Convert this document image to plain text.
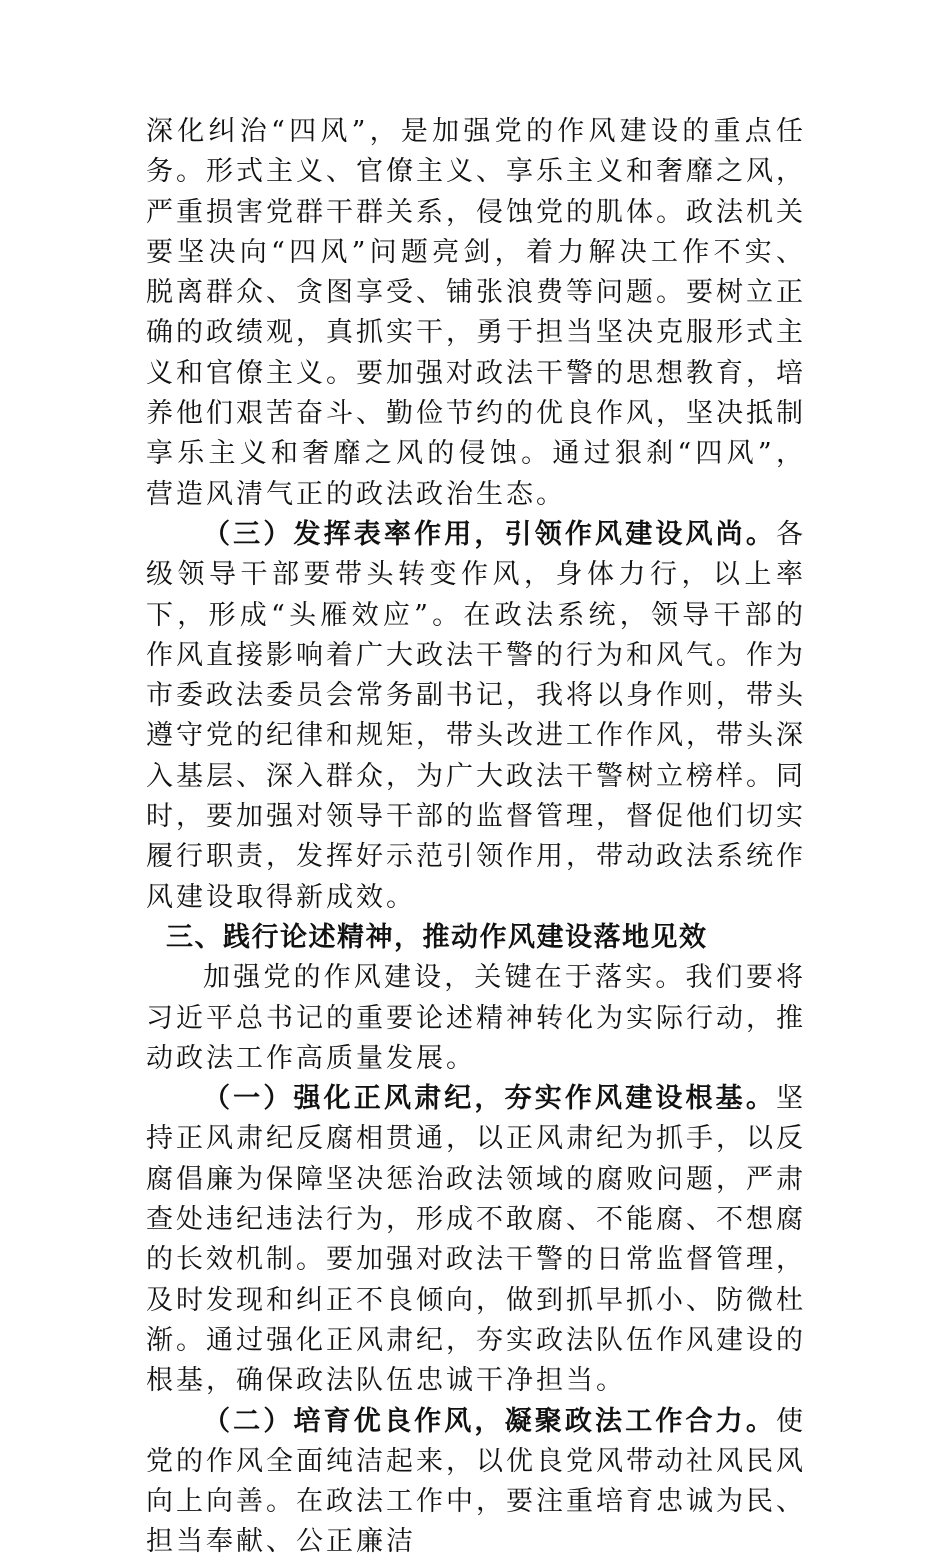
深化纠治“四风”，是加强党的作风建设的重点任务。形式主义、官僚主义、享乐主义和奢靡之风，严重损害党群干群关系，侵蚀党的肌体。政法机关要坚决向“四风”问题亮剑，着力解决工作不实、脱离群众、贪图享受、铺张浪费等问题。要树立正确的政绩观，真抓实干，勇于担当坚决克服形式主义和官僚主义。要加强对政法干警的思想教育，培养他们艰苦奋斗、勤俭节约的优良作风，坚决抵制享乐主义和奢靡之风的侵蚀。通过狠刹“四风”，营造风清气正的政法政治生态。

（三）发挥表率作用，引领作风建设风尚。各级领导干部要带头转变作风，身体力行，以上率下，形成“头雁效应”。在政法系统，领导干部的作风直接影响着广大政法干警的行为和风气。作为市委政法委员会常务副书记，我将以身作则，带头遵守党的纪律和规矩，带头改进工作作风，带头深入基层、深入群众，为广大政法干警树立榜样。同时，要加强对领导干部的监督管理，督促他们切实履行职责，发挥好示范引领作用，带动政法系统作风建设取得新成效。

三、践行论述精神，推动作风建设落地见效

加强党的作风建设，关键在于落实。我们要将习近平总书记的重要论述精神转化为实际行动，推动政法工作高质量发展。

（一）强化正风肃纪，夯实作风建设根基。坚持正风肃纪反腐相贯通，以正风肃纪为抓手，以反腐倡廉为保障坚决惩治政法领域的腐败问题，严肃查处违纪违法行为，形成不敢腐、不能腐、不想腐的长效机制。要加强对政法干警的日常监督管理，及时发现和纠正不良倾向，做到抓早抓小、防微杜渐。通过强化正风肃纪，夯实政法队伍作风建设的根基，确保政法队伍忠诚干净担当。

（二）培育优良作风，凝聚政法工作合力。使党的作风全面纯洁起来，以优良党风带动社风民风向上向善。在政法工作中，要注重培育忠诚为民、担当奉献、公正廉洁
